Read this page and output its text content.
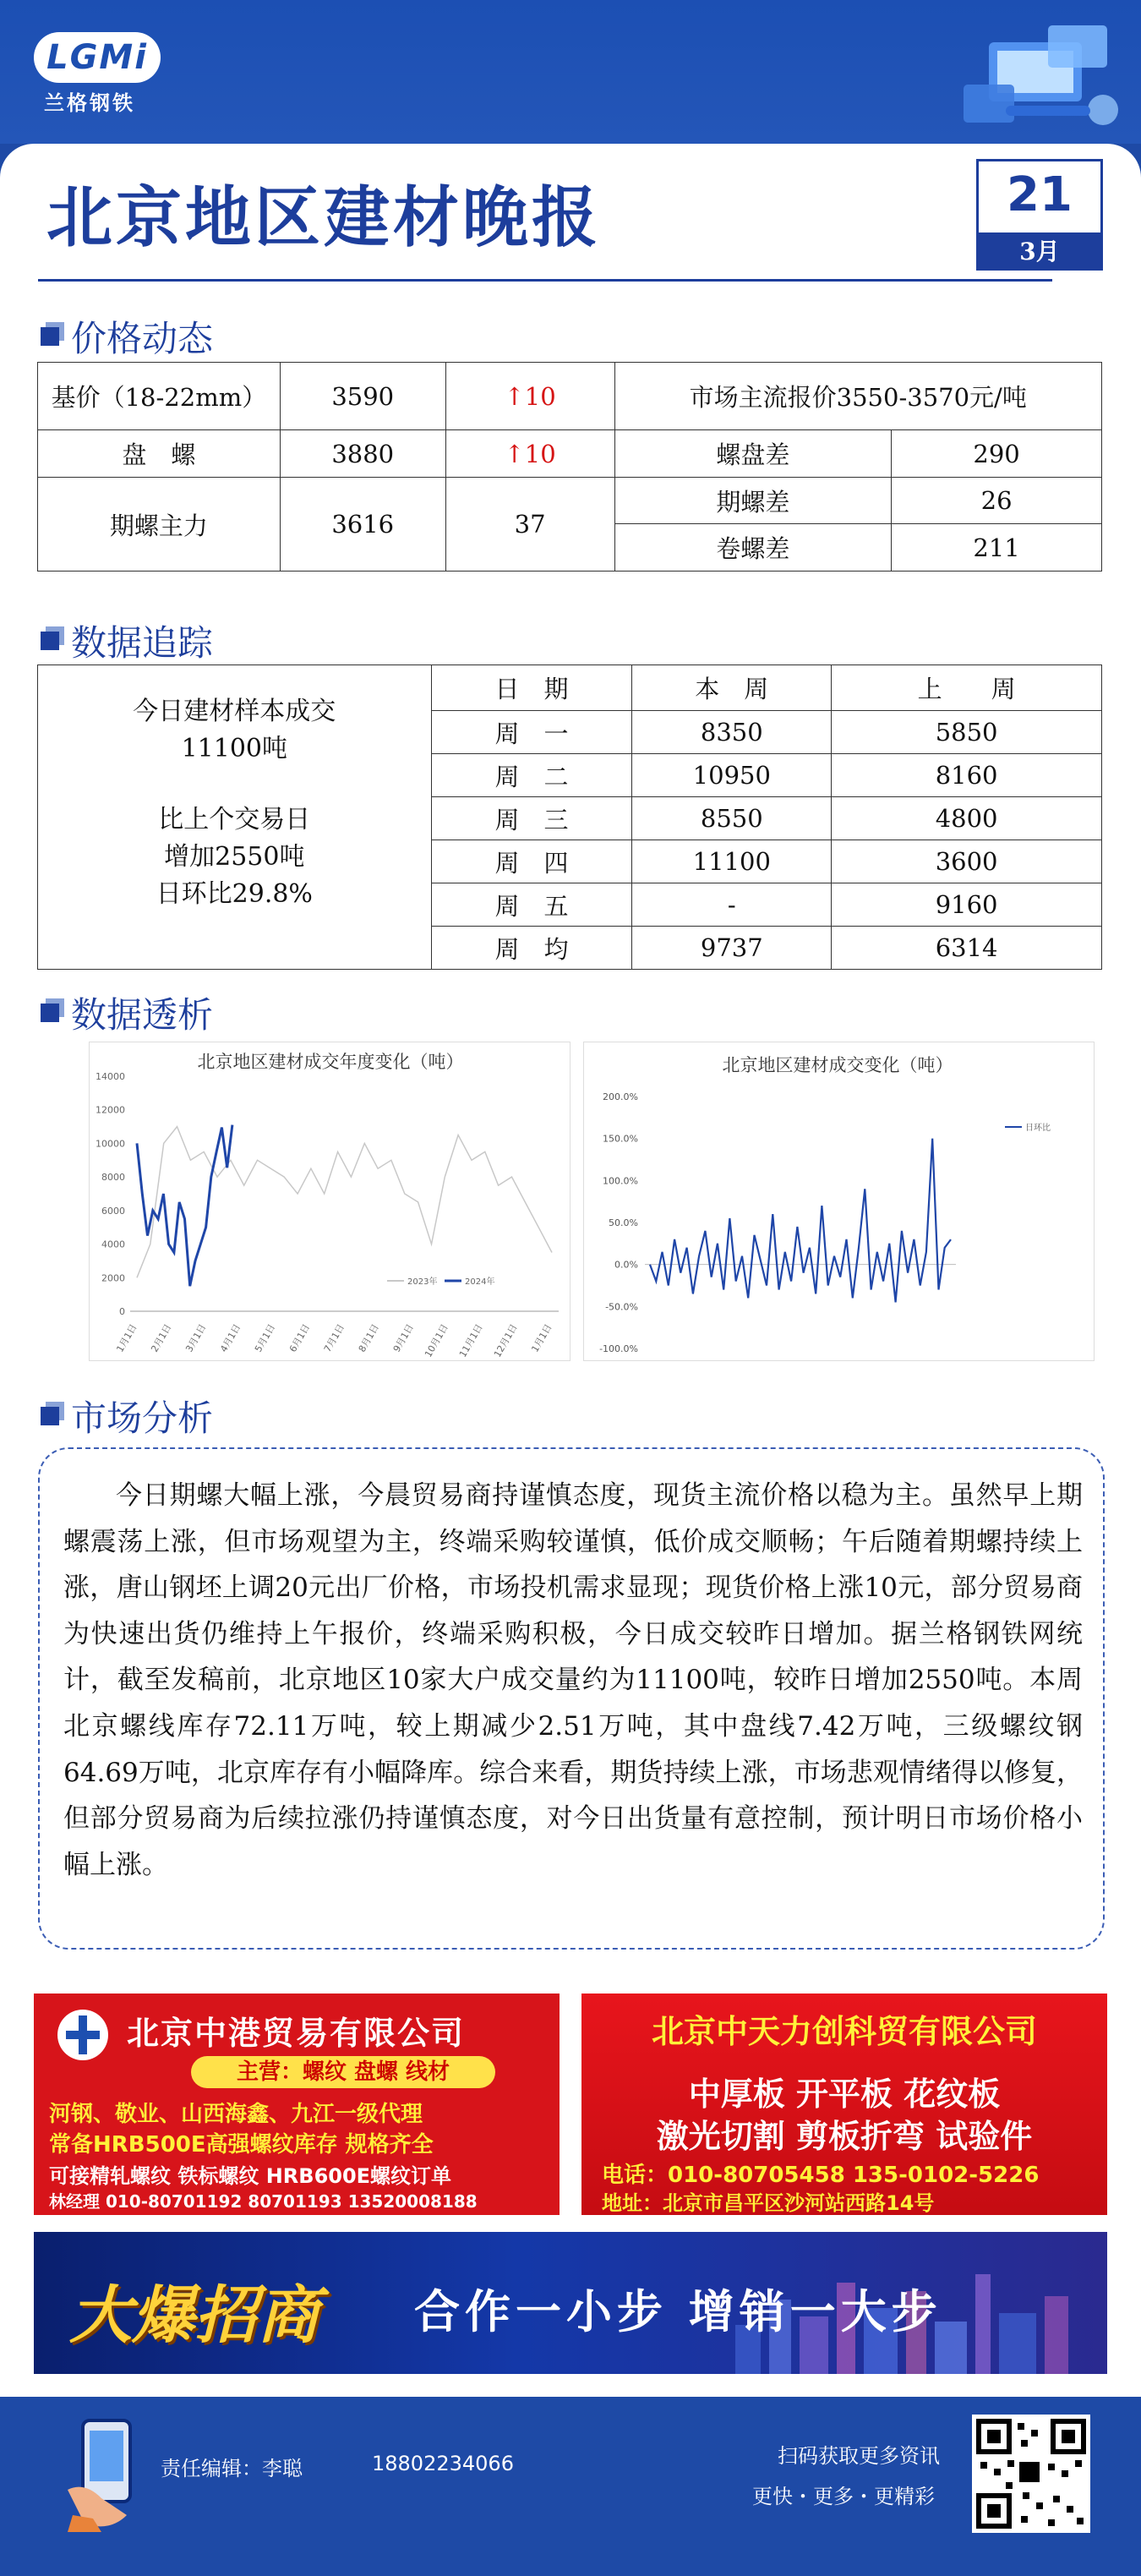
LGMi
兰格钢铁
北京地区建材晚报	21
3月
价格动态
基价（18-22mm）	3590	↑10	市场主流报价3550-3570元/吨	
盘　螺	3880	↑10	螺盘差	290
期螺主力	3616	37	期螺差	26
			卷螺差	211
数据追踪
今日建材样本成交
11100吨
比上个交易日
增加2550吨
日环比29.8%	日　期	本　周	上　　周
	周　一	8350	5850
	周　二	10950	8160
	周　三	8550	4800
	周　四	11100	3600
	周　五	-	9160
	周　均	9737	6314
数据透析
北京地区建材成交年度变化（吨）
14000
12000
10000
8000
6000
4000
2000
0
1月1日 2月1日 3月1日 4月1日 5月1日 6月1日 7月1日 8月1日 9月1日 10月1日 11月1日 12月1日 1月1日
2023年	2024年
北京地区建材成交变化（吨）
200.0%
150.0%
100.0%
50.0%
0.0%
-50.0%
-100.0%
日环比
市场分析

今日期螺大幅上涨，今晨贸易商持谨慎态度，现货主流价格以稳为主。虽然早上期螺震荡上涨，但市场观望为主，终端采购较谨慎，低价成交顺畅；午后随着期螺持续上涨，唐山钢坯上调20元出厂价格，市场投机需求显现；现货价格上涨10元，部分贸易商为快速出货仍维持上午报价，终端采购积极，今日成交较昨日增加。据兰格钢铁网统计，截至发稿前，北京地区10家大户成交量约为11100吨，较昨日增加2550吨。本周北京螺线库存72.11万吨，较上期减少2.51万吨，其中盘线7.42万吨，三级螺纹钢64.69万吨，北京库存有小幅降库。综合来看，期货持续上涨，市场悲观情绪得以修复，但部分贸易商为后续拉涨仍持谨慎态度，对今日出货量有意控制，预计明日市场价格小幅上涨。

北京中港贸易有限公司
主营：螺纹 盘螺 线材
河钢、敬业、山西海鑫、九江一级代理
常备HRB500E高强螺纹库存 规格齐全
可接精轧螺纹 铁标螺纹 HRB600E螺纹订单
林经理 010-80701192 80701193 13520008188
北京中天力创科贸有限公司
中厚板 开平板 花纹板
激光切割 剪板折弯 试验件
电话：010-80705458 135-0102-5226
地址：北京市昌平区沙河站西路14号
大爆招商 合作一小步 增销一大步
责任编辑：李聪	18802234066	扫码获取更多资讯
更快・更多・更精彩
